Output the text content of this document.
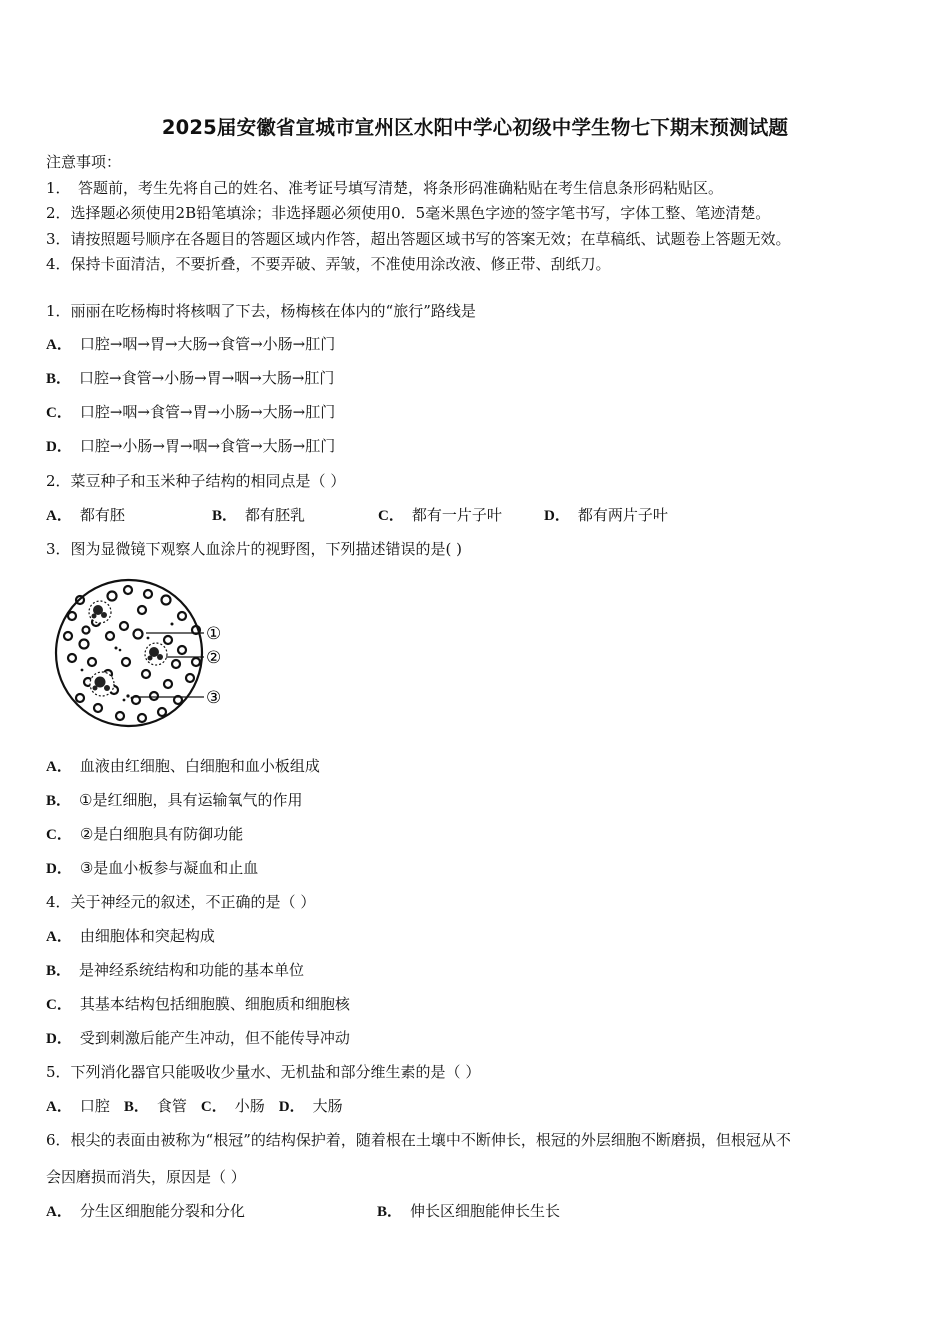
2025届安徽省宣城市宣州区水阳中学心初级中学生物七下期末预测试题
注意事项：
1．　答题前，考生先将自己的姓名、准考证号填写清楚，将条形码准确粘贴在考生信息条形码粘贴区。
2．选择题必须使用2B铅笔填涂；非选择题必须使用0．5毫米黑色字迹的签字笔书写，字体工整、笔迹清楚。
3．请按照题号顺序在各题目的答题区域内作答，超出答题区域书写的答案无效；在草稿纸、试题卷上答题无效。
4．保持卡面清洁，不要折叠，不要弄破、弄皱，不准使用涂改液、修正带、刮纸刀。
1．丽丽在吃杨梅时将核咽了下去，杨梅核在体内的“旅行”路线是
A． 口腔→咽→胃→大肠→食管→小肠→肛门
B． 口腔→食管→小肠→胃→咽→大肠→肛门
C． 口腔→咽→食管→胃→小肠→大肠→肛门
D． 口腔→小肠→胃→咽→食管→大肠→肛门
2．菜豆种子和玉米种子结构的相同点是（ ）
A． 都有胚	B． 都有胚乳	C． 都有一片子叶	D． 都有两片子叶
3．图为显微镜下观察人血涂片的视野图，下列描述错误的是( )
①
②
③
A． 血液由红细胞、白细胞和血小板组成
B． ①是红细胞，具有运输氧气的作用
C． ②是白细胞具有防御功能
D． ③是血小板参与凝血和止血
4．关于神经元的叙述，不正确的是（ ）
A． 由细胞体和突起构成
B． 是神经系统结构和功能的基本单位
C． 其基本结构包括细胞膜、细胞质和细胞核
D． 受到刺激后能产生冲动，但不能传导冲动
5．下列消化器官只能吸收少量水、无机盐和部分维生素的是（ ）
A． 口腔 B． 食管 C． 小肠 D． 大肠
6．根尖的表面由被称为“根冠”的结构保护着，随着根在土壤中不断伸长，根冠的外层细胞不断磨损，但根冠从不
会因磨损而消失，原因是（ ）
A． 分生区细胞能分裂和分化	B． 伸长区细胞能伸长生长
